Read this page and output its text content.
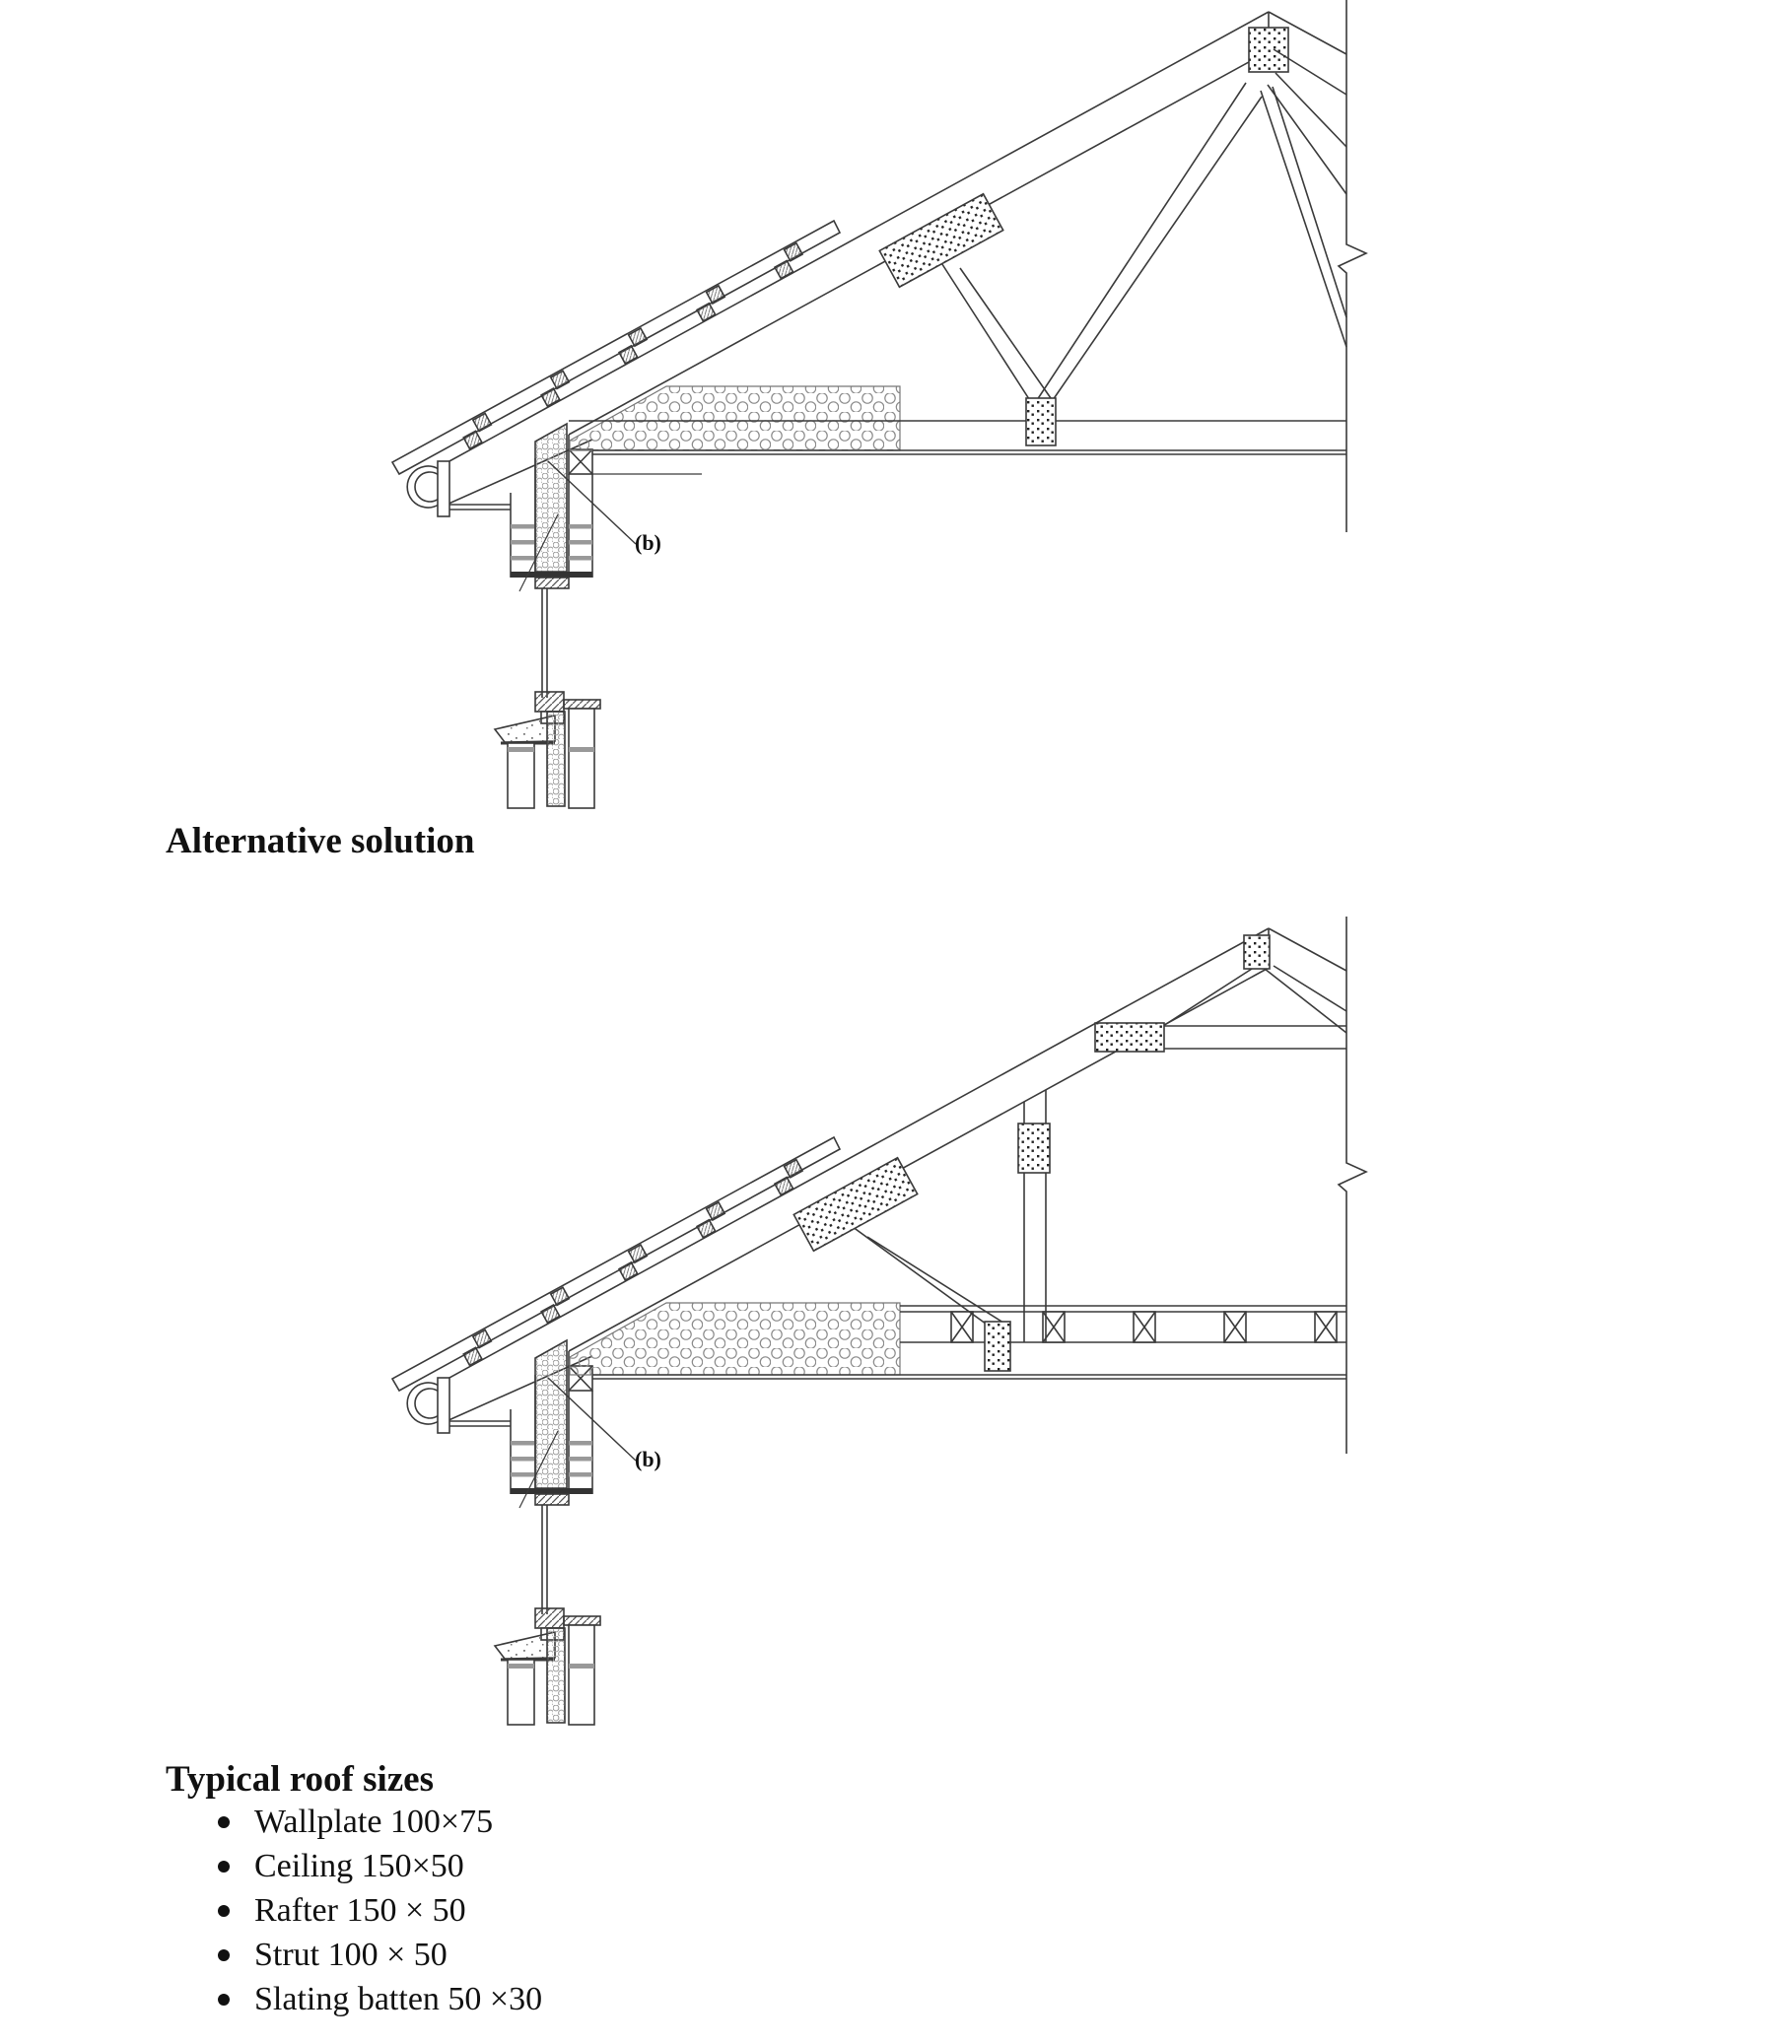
(b)
Alternative solution
(b)
Typical roof sizes
Wallplate 100×75
Ceiling 150×50
Rafter 150 × 50
Strut 100 × 50
Slating batten 50 ×30
